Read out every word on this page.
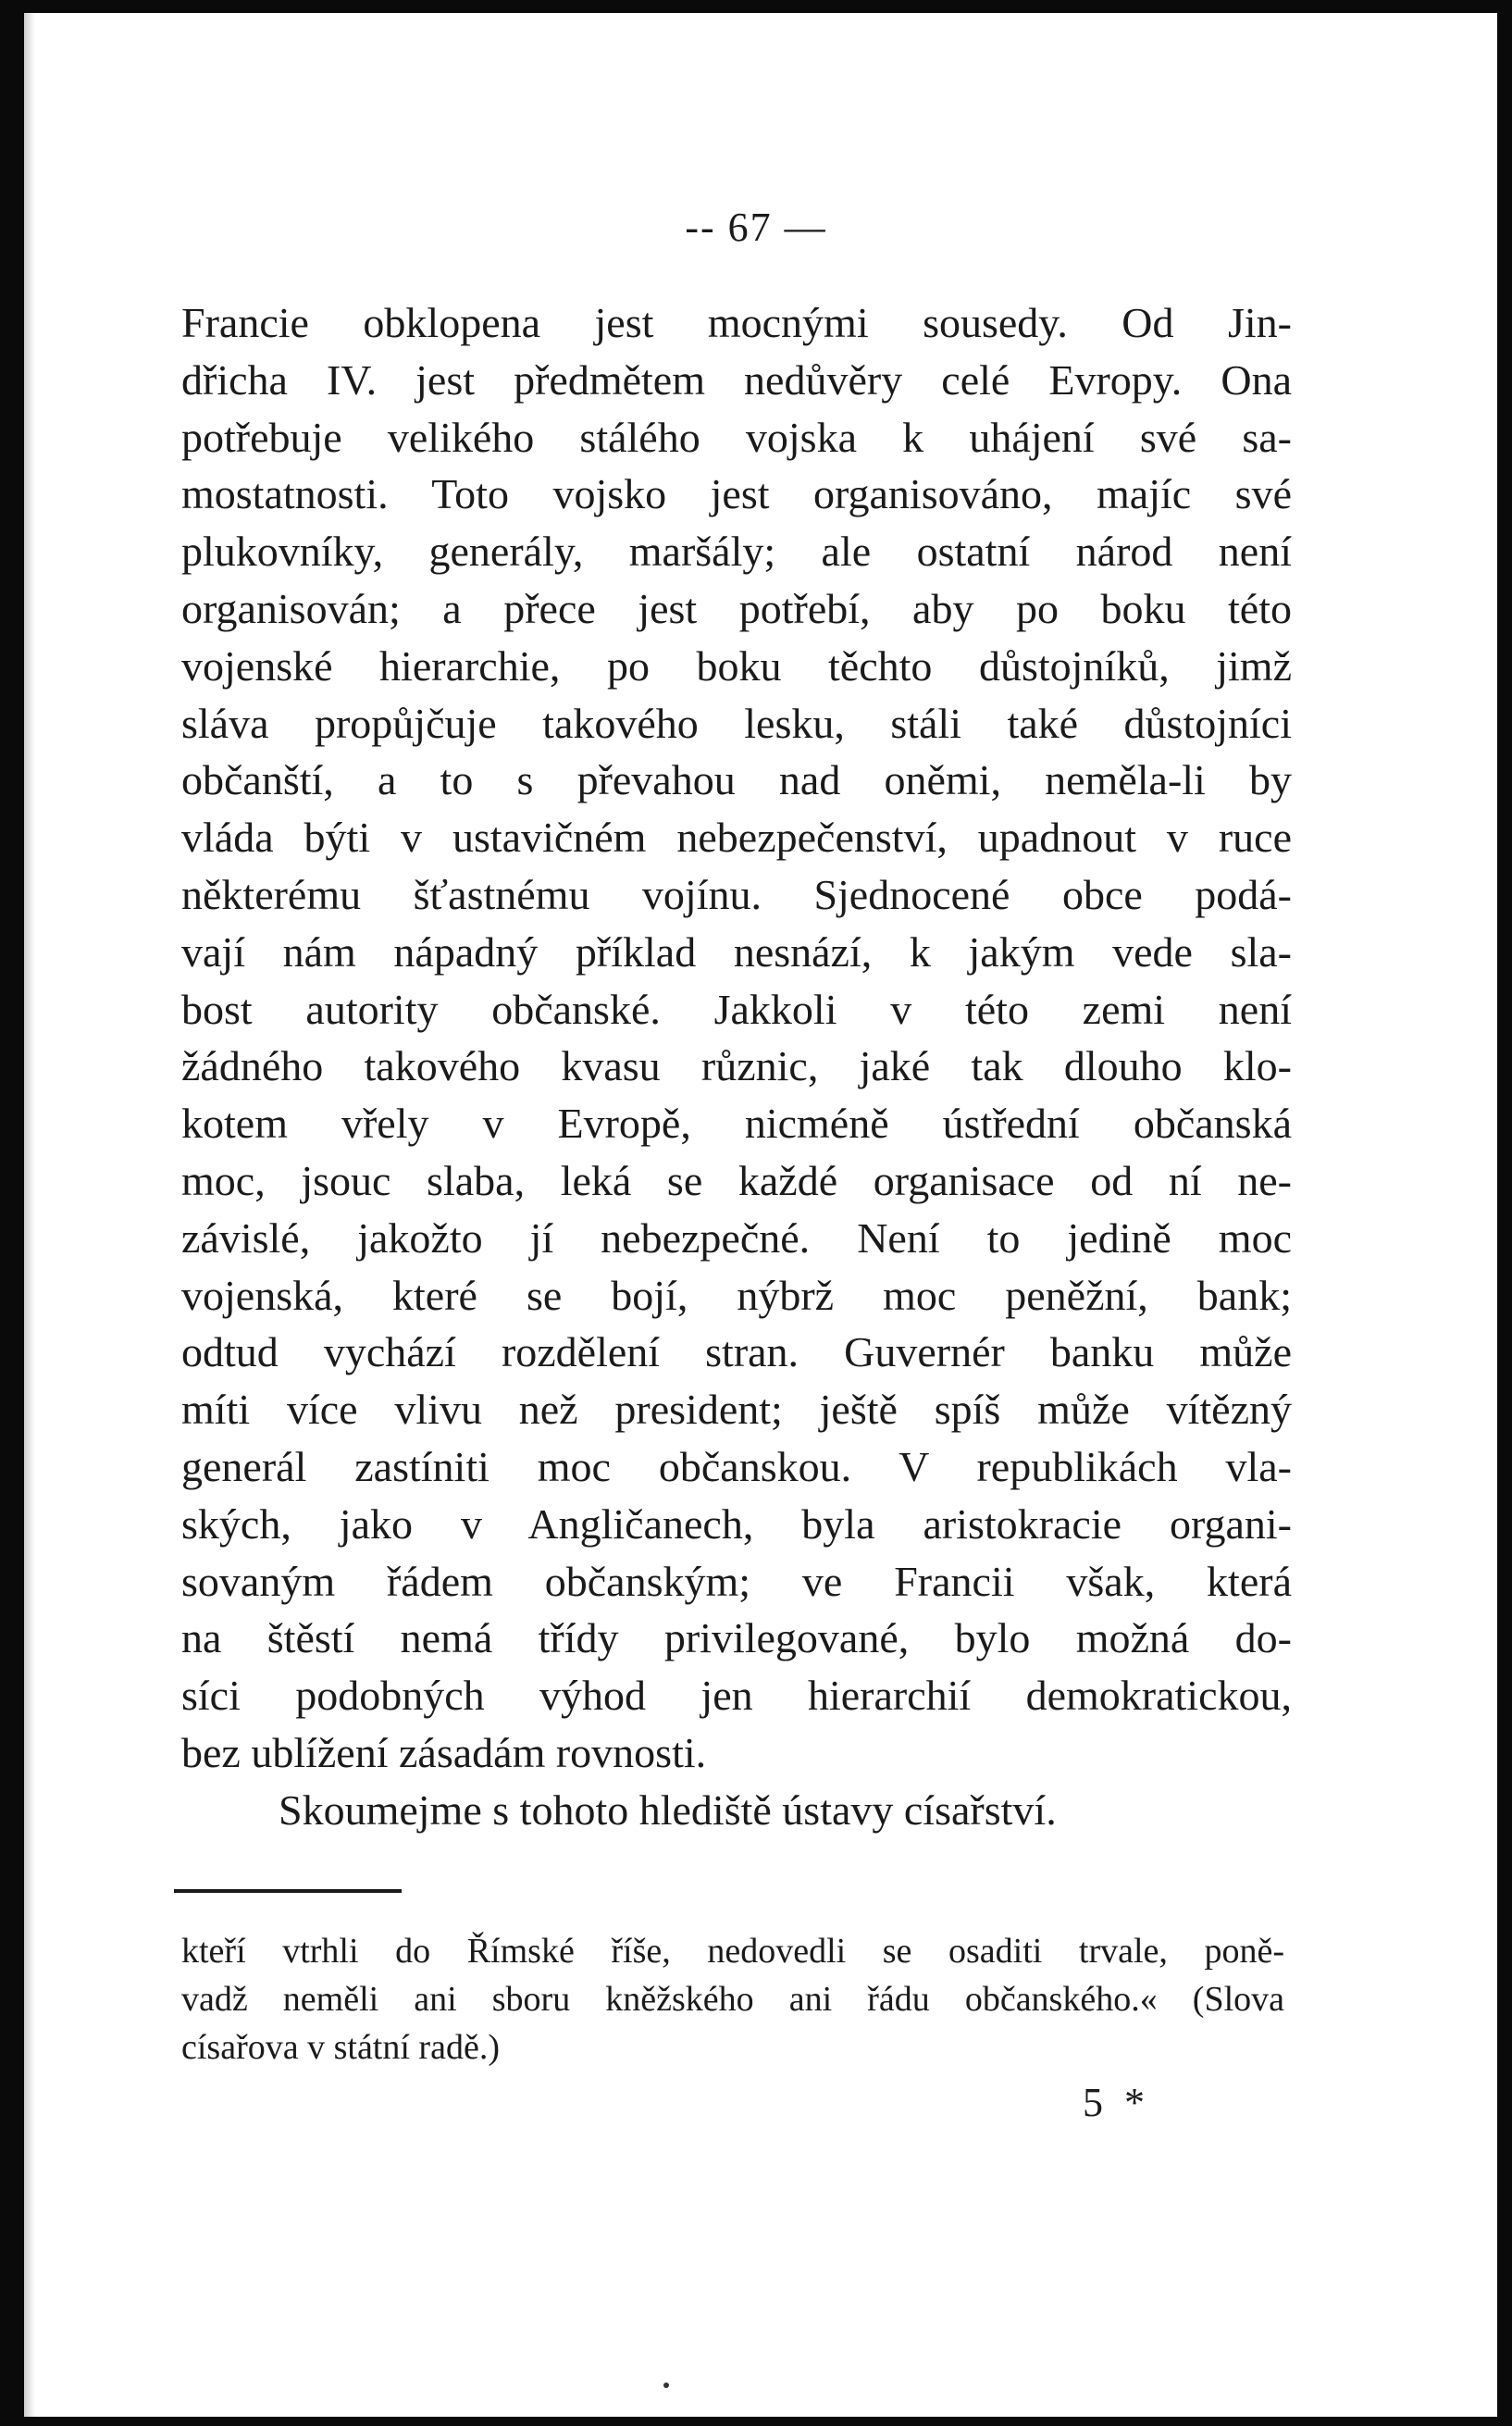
-- 67 —
Francie obklopena jest mocnými sousedy. Od Jin-
dřicha IV. jest předmětem nedůvěry celé Evropy. Ona
potřebuje velikého stálého vojska k uhájení své sa-
mostatnosti. Toto vojsko jest organisováno, majíc své
plukovníky, generály, maršály; ale ostatní národ není
organisován; a přece jest potřebí, aby po boku této
vojenské hierarchie, po boku těchto důstojníků, jimž
sláva propůjčuje takového lesku, stáli také důstojníci
občanští, a to s převahou nad oněmi, neměla-li by
vláda býti v ustavičném nebezpečenství, upadnout v ruce
některému šťastnému vojínu. Sjednocené obce podá-
vají nám nápadný příklad nesnází, k jakým vede sla-
bost autority občanské. Jakkoli v této zemi není
žádného takového kvasu různic, jaké tak dlouho klo-
kotem vřely v Evropě, nicméně ústřední občanská
moc, jsouc slaba, leká se každé organisace od ní ne-
závislé, jakožto jí nebezpečné. Není to jedině moc
vojenská, které se bojí, nýbrž moc peněžní, bank;
odtud vychází rozdělení stran. Guvernér banku může
míti více vlivu než president; ještě spíš může vítězný
generál zastíniti moc občanskou. V republikách vla-
ských, jako v Angličanech, byla aristokracie organi-
sovaným řádem občanským; ve Francii však, která
na štěstí nemá třídy privilegované, bylo možná do-
síci podobných výhod jen hierarchií demokratickou,
bez ublížení zásadám rovnosti.
Skoumejme s tohoto hlediště ústavy císařství.
kteří vtrhli do Římské říše, nedovedli se osaditi trvale, poně-
vadž neměli ani sboru kněžského ani řádu občanského.« (Slova
císařova v státní radě.)
5 *
